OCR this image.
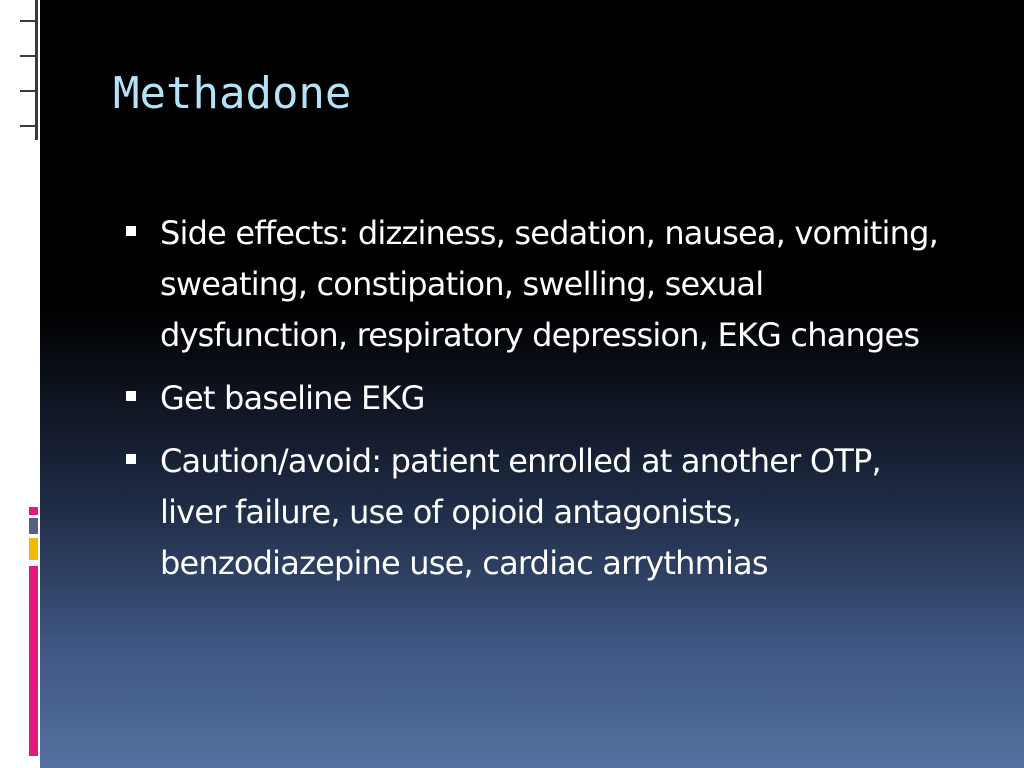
Methadone
Side effects: dizziness, sedation, nausea, vomiting, sweating, constipation, swelling, sexual dysfunction, respiratory depression, EKG changes
Get baseline EKG
Caution/avoid: patient enrolled at another OTP, liver failure, use of opioid antagonists, benzodiazepine use, cardiac arrythmias
